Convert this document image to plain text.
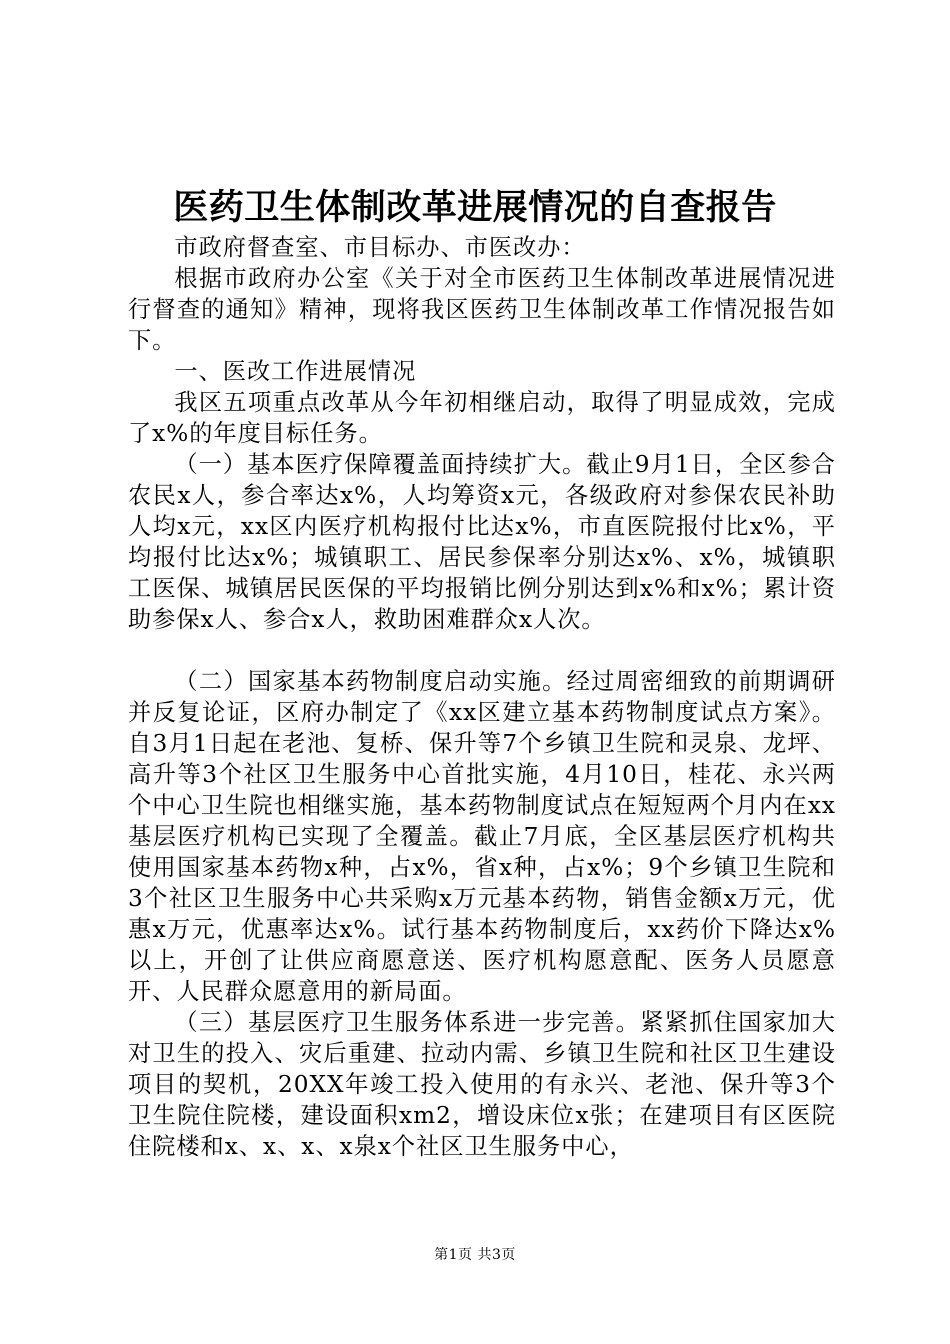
医药卫生体制改革进展情况的自查报告

市政府督查室、市目标办、市医改办：

根据市政府办公室《关于对全市医药卫生体制改革进展情况进行督查的通知》精神，现将我区医药卫生体制改革工作情况报告如下。

一、医改工作进展情况

我区五项重点改革从今年初相继启动，取得了明显成效，完成了x%的年度目标任务。

（一）基本医疗保障覆盖面持续扩大。截止9月1日，全区参合农民x人，参合率达x%，人均筹资x元，各级政府对参保农民补助人均x元，xx区内医疗机构报付比达x%，市直医院报付比x%，平均报付比达x%；城镇职工、居民参保率分别达x%、x%，城镇职工医保、城镇居民医保的平均报销比例分别达到x%和x%；累计资助参保x人、参合x人，救助困难群众x人次。

（二）国家基本药物制度启动实施。经过周密细致的前期调研并反复论证，区府办制定了《xx区建立基本药物制度试点方案》。自3月1日起在老池、复桥、保升等7个乡镇卫生院和灵泉、龙坪、高升等3个社区卫生服务中心首批实施，4月10日，桂花、永兴两个中心卫生院也相继实施，基本药物制度试点在短短两个月内在xx基层医疗机构已实现了全覆盖。截止7月底，全区基层医疗机构共使用国家基本药物x种，占x%，省x种，占x%；9个乡镇卫生院和3个社区卫生服务中心共采购x万元基本药物，销售金额x万元，优惠x万元，优惠率达x%。试行基本药物制度后，xx药价下降达x%以上，开创了让供应商愿意送、医疗机构愿意配、医务人员愿意开、人民群众愿意用的新局面。

（三）基层医疗卫生服务体系进一步完善。紧紧抓住国家加大对卫生的投入、灾后重建、拉动内需、乡镇卫生院和社区卫生建设项目的契机，20XX年竣工投入使用的有永兴、老池、保升等3个卫生院住院楼，建设面积xm2，增设床位x张；在建项目有区医院住院楼和x、x、x、x泉x个社区卫生服务中心，

第1页 共3页
